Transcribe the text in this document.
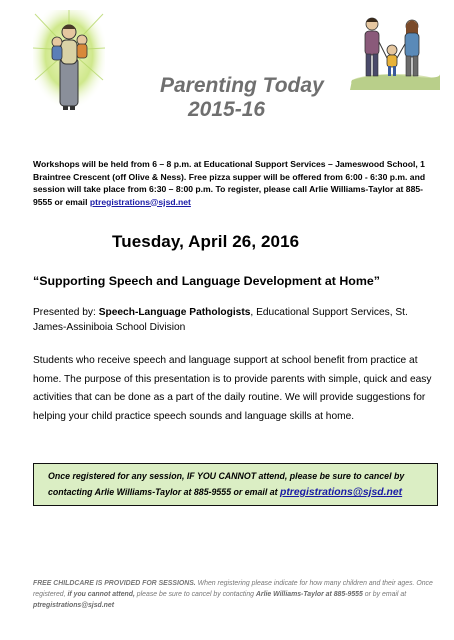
Parenting Today
2015-16
Workshops will be held from 6 – 8 p.m. at Educational Support Services – Jameswood School, 1 Braintree Crescent (off Olive & Ness). Free pizza supper will be offered from 6:00 - 6:30 p.m. and session will take place from 6:30 – 8:00 p.m. To register, please call Arlie Williams-Taylor at 885-9555 or email ptregistrations@sjsd.net
Tuesday, April 26, 2016
“Supporting Speech and Language Development at Home”
Presented by: Speech-Language Pathologists, Educational Support Services, St. James-Assiniboia School Division
Students who receive speech and language support at school benefit from practice at home. The purpose of this presentation is to provide parents with simple, quick and easy activities that can be done as a part of the daily routine. We will provide suggestions for helping your child practice speech sounds and language skills at home.
Once registered for any session, IF YOU CANNOT attend, please be sure to cancel by contacting Arlie Williams-Taylor at 885-9555 or email at ptregistrations@sjsd.net
FREE CHILDCARE IS PROVIDED FOR SESSIONS. When registering please indicate for how many children and their ages. Once registered, if you cannot attend, please be sure to cancel by contacting Arlie Williams-Taylor at 885-9555 or by email at ptregistrations@sjsd.net
